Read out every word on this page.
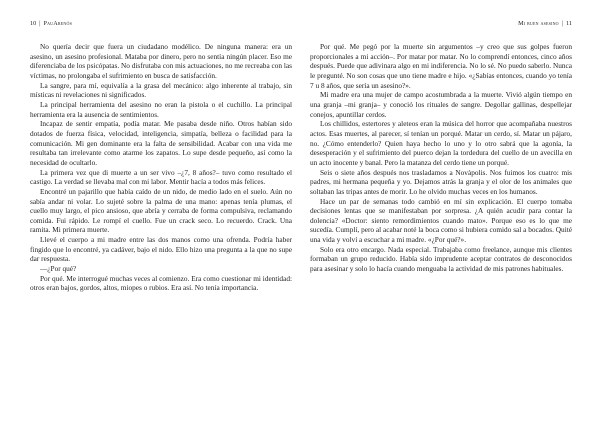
10 | PauArenós

No quería decir que fuera un ciudadano modélico. De ninguna manera: era un asesino, un asesino profesional. Mataba por dinero, pero no sentía ningún placer. Eso me diferenciaba de los psicópatas. No disfrutaba con mis actuaciones, no me recreaba con las víctimas, no prolongaba el sufrimiento en busca de satisfacción.

La sangre, para mí, equivalía a la grasa del mecánico: algo inherente al trabajo, sin místicas ni revelaciones ni significados.

La principal herramienta del asesino no eran la pistola o el cuchillo. La principal herramienta era la ausencia de sentimientos.

Incapaz de sentir empatía, podía matar. Me pasaba desde niño. Otros habían sido dotados de fuerza física, velocidad, inteligencia, simpatía, belleza o facilidad para la comunicación. Mi gen dominante era la falta de sensibilidad. Acabar con una vida me resultaba tan irrelevante como atarme los zapatos. Lo supe desde pequeño, así como la necesidad de ocultarlo.

La primera vez que di muerte a un ser vivo –¿7, 8 años?– tuvo como resultado el castigo. La verdad se llevaba mal con mi labor. Mentir hacía a todos más felices.

Encontré un pajarillo que había caído de un nido, de medio lado en el suelo. Aún no sabía andar ni volar. Lo sujeté sobre la palma de una mano: apenas tenía plumas, el cuello muy largo, el pico ansioso, que abría y cerraba de forma compulsiva, reclamando comida. Fui rápido. Le rompí el cuello. Fue un crack seco. Lo recuerdo. Crack. Una ramita. Mi primera muerte.

Llevé el cuerpo a mi madre entre las dos manos como una ofrenda. Podría haber fingido que lo encontré, ya cadáver, bajo el nido. Ello hizo una pregunta a la que no supe dar respuesta.

—¿Por qué?

Por qué. Me interrogué muchas veces al comienzo. Era como cuestionar mi identidad: otros eran bajos, gordos, altos, miopes o rubios. Era así. No tenía importancia.

Mi buen asesino | 11

Por qué. Me pegó por la muerte sin argumentos –y creo que sus golpes fueron proporcionales a mi acción–. Por matar por matar. No lo comprendí entonces, cinco años después. Puede que adivinara algo en mi indiferencia. No lo sé. No puedo saberlo. Nunca le pregunté. No son cosas que uno tiene madre e hijo. «¿Sabías entonces, cuando yo tenía 7 u 8 años, que sería un asesino?».

Mi madre era una mujer de campo acostumbrada a la muerte. Vivió algún tiempo en una granja –mi granja– y conoció los rituales de sangre. Degollar gallinas, despellejar conejos, apuntillar cerdos.

Los chillidos, estertores y aleteos eran la música del horror que acompañaba nuestros actos. Esas muertes, al parecer, sí tenían un porqué. Matar un cerdo, sí. Matar un pájaro, no. ¿Cómo entenderlo? Quien haya hecho lo uno y lo otro sabrá que la agonía, la desesperación y el sufrimiento del puerco dejan la tordedura del cuello de un avecilla en un acto inocente y banal. Pero la matanza del cerdo tiene un porqué.

Seis o siete años después nos trasladamos a Novàpolis. Nos fuimos los cuatro: mis padres, mi hermana pequeña y yo. Dejamos atrás la granja y el olor de los animales que soltaban las tripas antes de morir. Lo he olvido muchas veces en los humanos.

Hace un par de semanas todo cambió en mí sin explicación. El cuerpo tomaba decisiones lentas que se manifestaban por sorpresa. ¿A quién acudir para contar la dolencia? «Doctor: siento remordimientos cuando mato». Porque eso es lo que me sucedía. Cumplí, pero al acabar noté la boca como si hubiera comido sal a bocados. Quité una vida y volví a escuchar a mi madre. «¿Por qué?».

Solo era otro encargo. Nada especial. Trabajaba como freelance, aunque mis clientes formaban un grupo reducido. Había sido imprudente aceptar contratos de desconocidos para asesinar y solo lo hacía cuando menguaba la actividad de mis patrones habituales.
